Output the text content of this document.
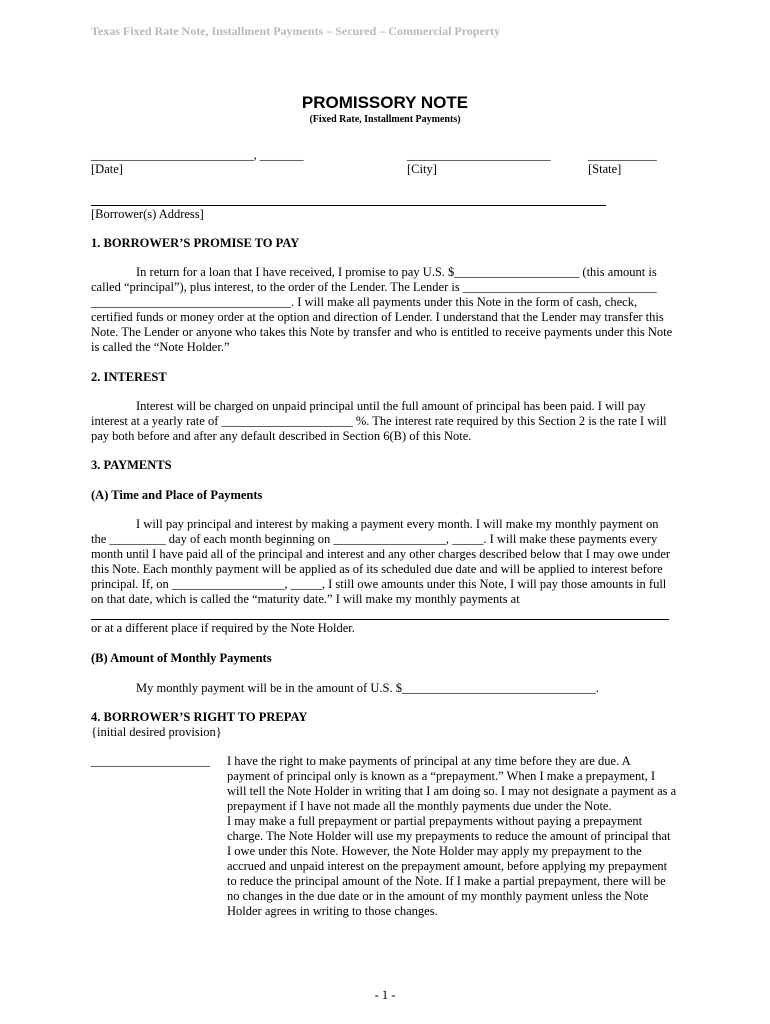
Texas Fixed Rate Note, Installment Payments – Secured – Commercial Property
PROMISSORY NOTE
(Fixed Rate, Installment Payments)
__________________________, _______	_______________________	___________
[Date]	[City]	[State]
[Borrower(s) Address]
1. BORROWER’S PROMISE TO PAY
In return for a loan that I have received, I promise to pay U.S. $____________________ (this amount is
called “principal”), plus interest, to the order of the Lender. The Lender is _______________________________
________________________________. I will make all payments under this Note in the form of cash, check,
certified funds or money order at the option and direction of Lender. I understand that the Lender may transfer this
Note. The Lender or anyone who takes this Note by transfer and who is entitled to receive payments under this Note
is called the “Note Holder.”
2. INTEREST
Interest will be charged on unpaid principal until the full amount of principal has been paid. I will pay
interest at a yearly rate of _____________________ %. The interest rate required by this Section 2 is the rate I will
pay both before and after any default described in Section 6(B) of this Note.
3. PAYMENTS
(A) Time and Place of Payments
I will pay principal and interest by making a payment every month. I will make my monthly payment on
the _________ day of each month beginning on __________________, _____. I will make these payments every
month until I have paid all of the principal and interest and any other charges described below that I may owe under
this Note. Each monthly payment will be applied as of its scheduled due date and will be applied to interest before
principal. If, on __________________, _____, I still owe amounts under this Note, I will pay those amounts in full
on that date, which is called the “maturity date.” I will make my monthly payments at
or at a different place if required by the Note Holder.
(B) Amount of Monthly Payments
My monthly payment will be in the amount of U.S. $_______________________________.
4. BORROWER’S RIGHT TO PREPAY
{initial desired provision}
___________________ I have the right to make payments of principal at any time before they are due. A
payment of principal only is known as a “prepayment.” When I make a prepayment, I
will tell the Note Holder in writing that I am doing so. I may not designate a payment as a
prepayment if I have not made all the monthly payments due under the Note.
I may make a full prepayment or partial prepayments without paying a prepayment
charge. The Note Holder will use my prepayments to reduce the amount of principal that
I owe under this Note. However, the Note Holder may apply my prepayment to the
accrued and unpaid interest on the prepayment amount, before applying my prepayment
to reduce the principal amount of the Note. If I make a partial prepayment, there will be
no changes in the due date or in the amount of my monthly payment unless the Note
Holder agrees in writing to those changes.
- 1 -
